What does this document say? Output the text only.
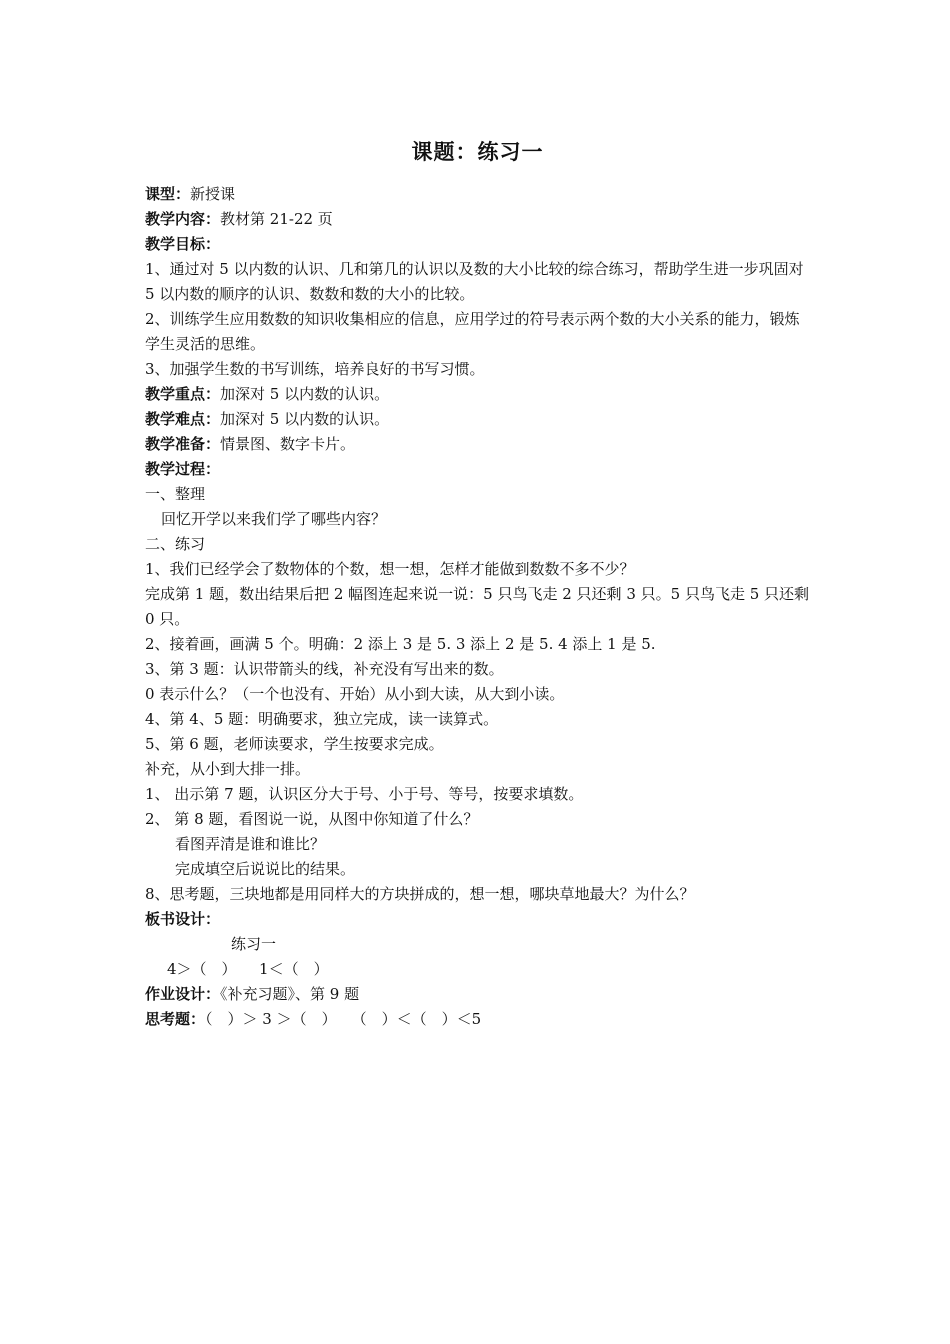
课题：练习一
课型：新授课
教学内容：教材第 21-22 页
教学目标：
1、通过对 5 以内数的认识、几和第几的认识以及数的大小比较的综合练习，帮助学生进一步巩固对 5 以内数的顺序的认识、数数和数的大小的比较。
2、训练学生应用数数的知识收集相应的信息，应用学过的符号表示两个数的大小关系的能力，锻炼学生灵活的思维。
3、加强学生数的书写训练，培养良好的书写习惯。
教学重点：加深对 5 以内数的认识。
教学难点：加深对 5 以内数的认识。
教学准备：情景图、数字卡片。
教学过程：
一、整理
回忆开学以来我们学了哪些内容？
二、练习
1、我们已经学会了数物体的个数，想一想，怎样才能做到数数不多不少？
完成第 1 题，数出结果后把 2 幅图连起来说一说：5 只鸟飞走 2 只还剩 3 只。5 只鸟飞走 5 只还剩 0 只。
2、接着画，画满 5 个。明确：2 添上 3 是 5. 3 添上 2 是 5. 4 添上 1 是 5.
3、第 3 题：认识带箭头的线，补充没有写出来的数。
0 表示什么？（一个也没有、开始）从小到大读，从大到小读。
4、第 4、5 题：明确要求，独立完成，读一读算式。
5、第 6 题，老师读要求，学生按要求完成。
补充，从小到大排一排。
1、 出示第 7 题，认识区分大于号、小于号、等号，按要求填数。
2、 第 8 题，看图说一说，从图中你知道了什么？
看图弄清是谁和谁比？
完成填空后说说比的结果。
8、思考题，三块地都是用同样大的方块拼成的，想一想，哪块草地最大？为什么？
板书设计：
练习一
4＞（　）　　1＜（　）
作业设计：《补充习题》、第 9 题
思考题：（　）＞ 3 ＞（　）　　（　）＜（　）＜5
